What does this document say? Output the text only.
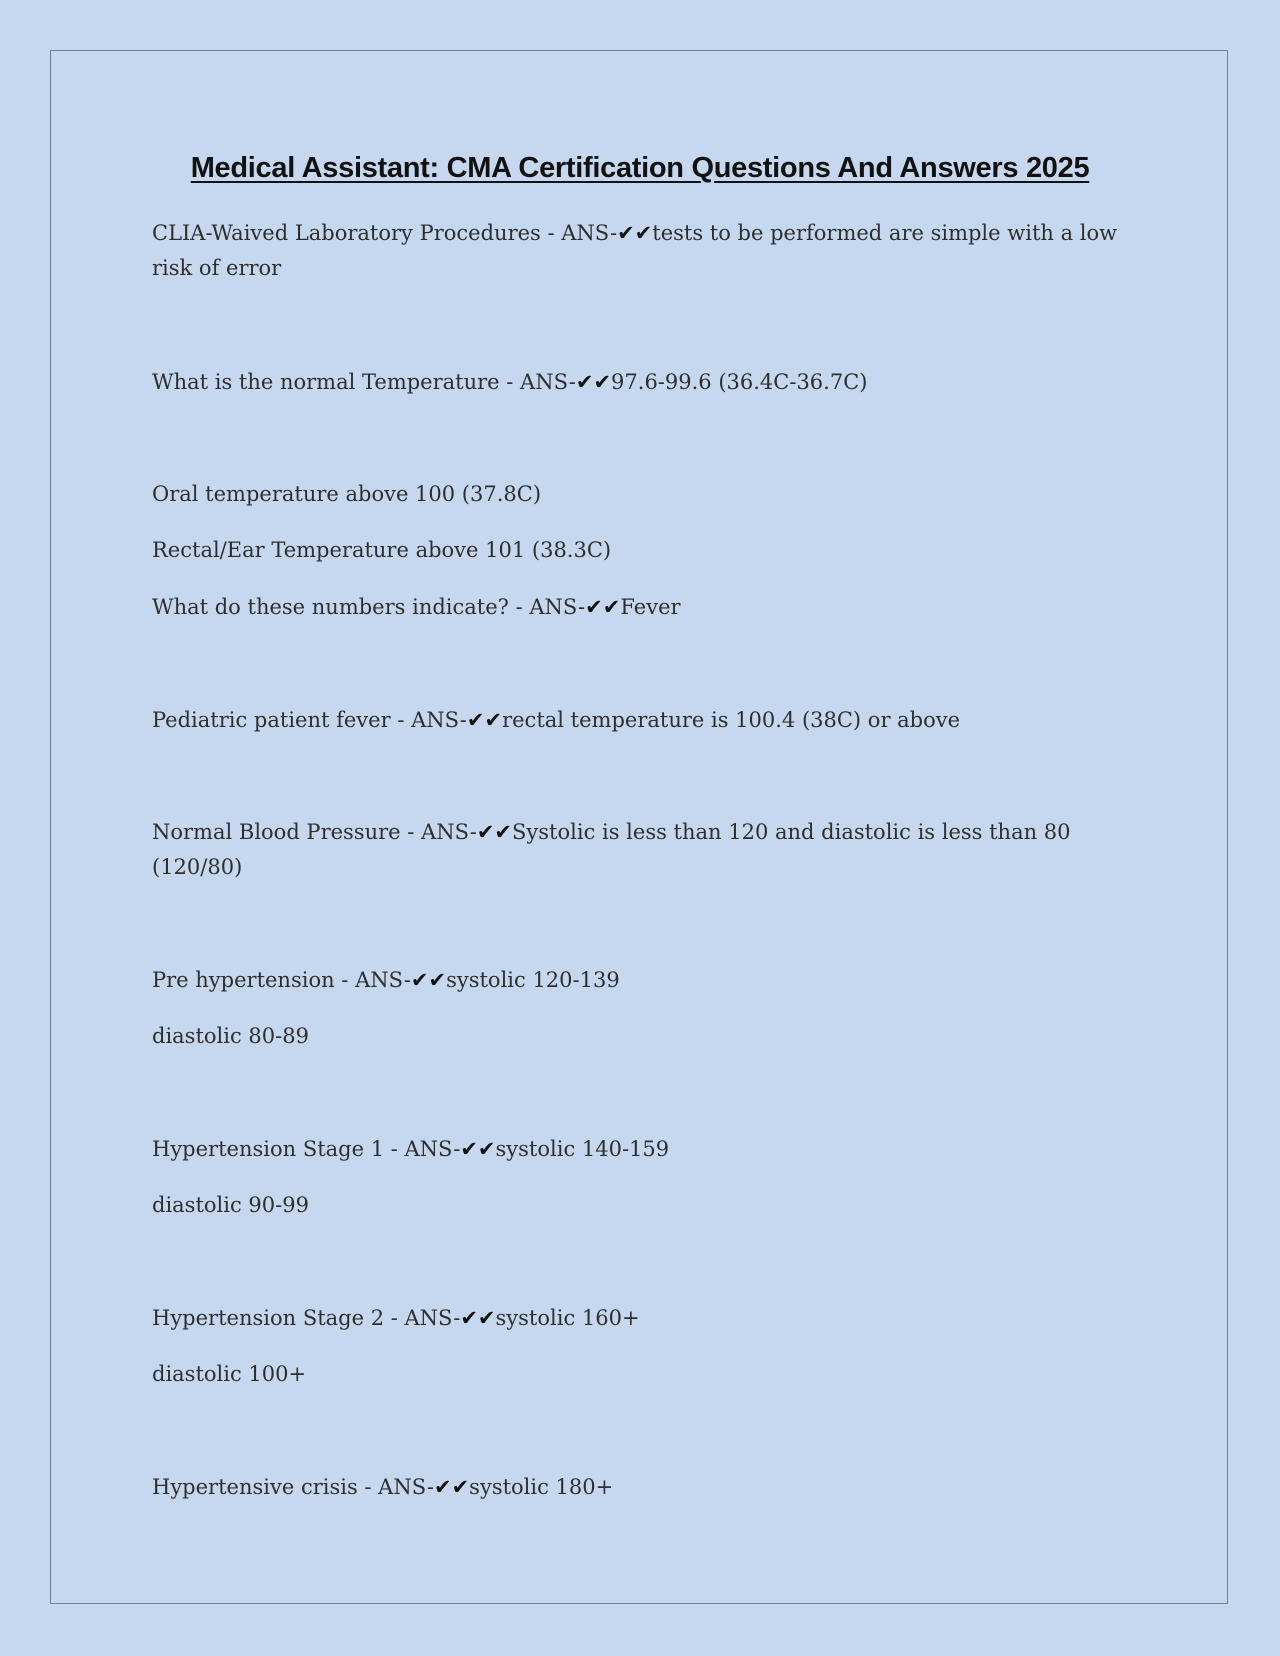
Medical Assistant: CMA Certification Questions And Answers 2025
CLIA-Waived Laboratory Procedures - ANS-✔✔tests to be performed are simple with a low risk of error
What is the normal Temperature - ANS-✔✔97.6-99.6 (36.4C-36.7C)
Oral temperature above 100 (37.8C)
Rectal/Ear Temperature above 101 (38.3C)
What do these numbers indicate? - ANS-✔✔Fever
Pediatric patient fever - ANS-✔✔rectal temperature is 100.4 (38C) or above
Normal Blood Pressure - ANS-✔✔Systolic is less than 120 and diastolic is less than 80 (120/80)
Pre hypertension - ANS-✔✔systolic 120-139
diastolic 80-89
Hypertension Stage 1 - ANS-✔✔systolic 140-159
diastolic 90-99
Hypertension Stage 2 - ANS-✔✔systolic 160+
diastolic 100+
Hypertensive crisis - ANS-✔✔systolic 180+
